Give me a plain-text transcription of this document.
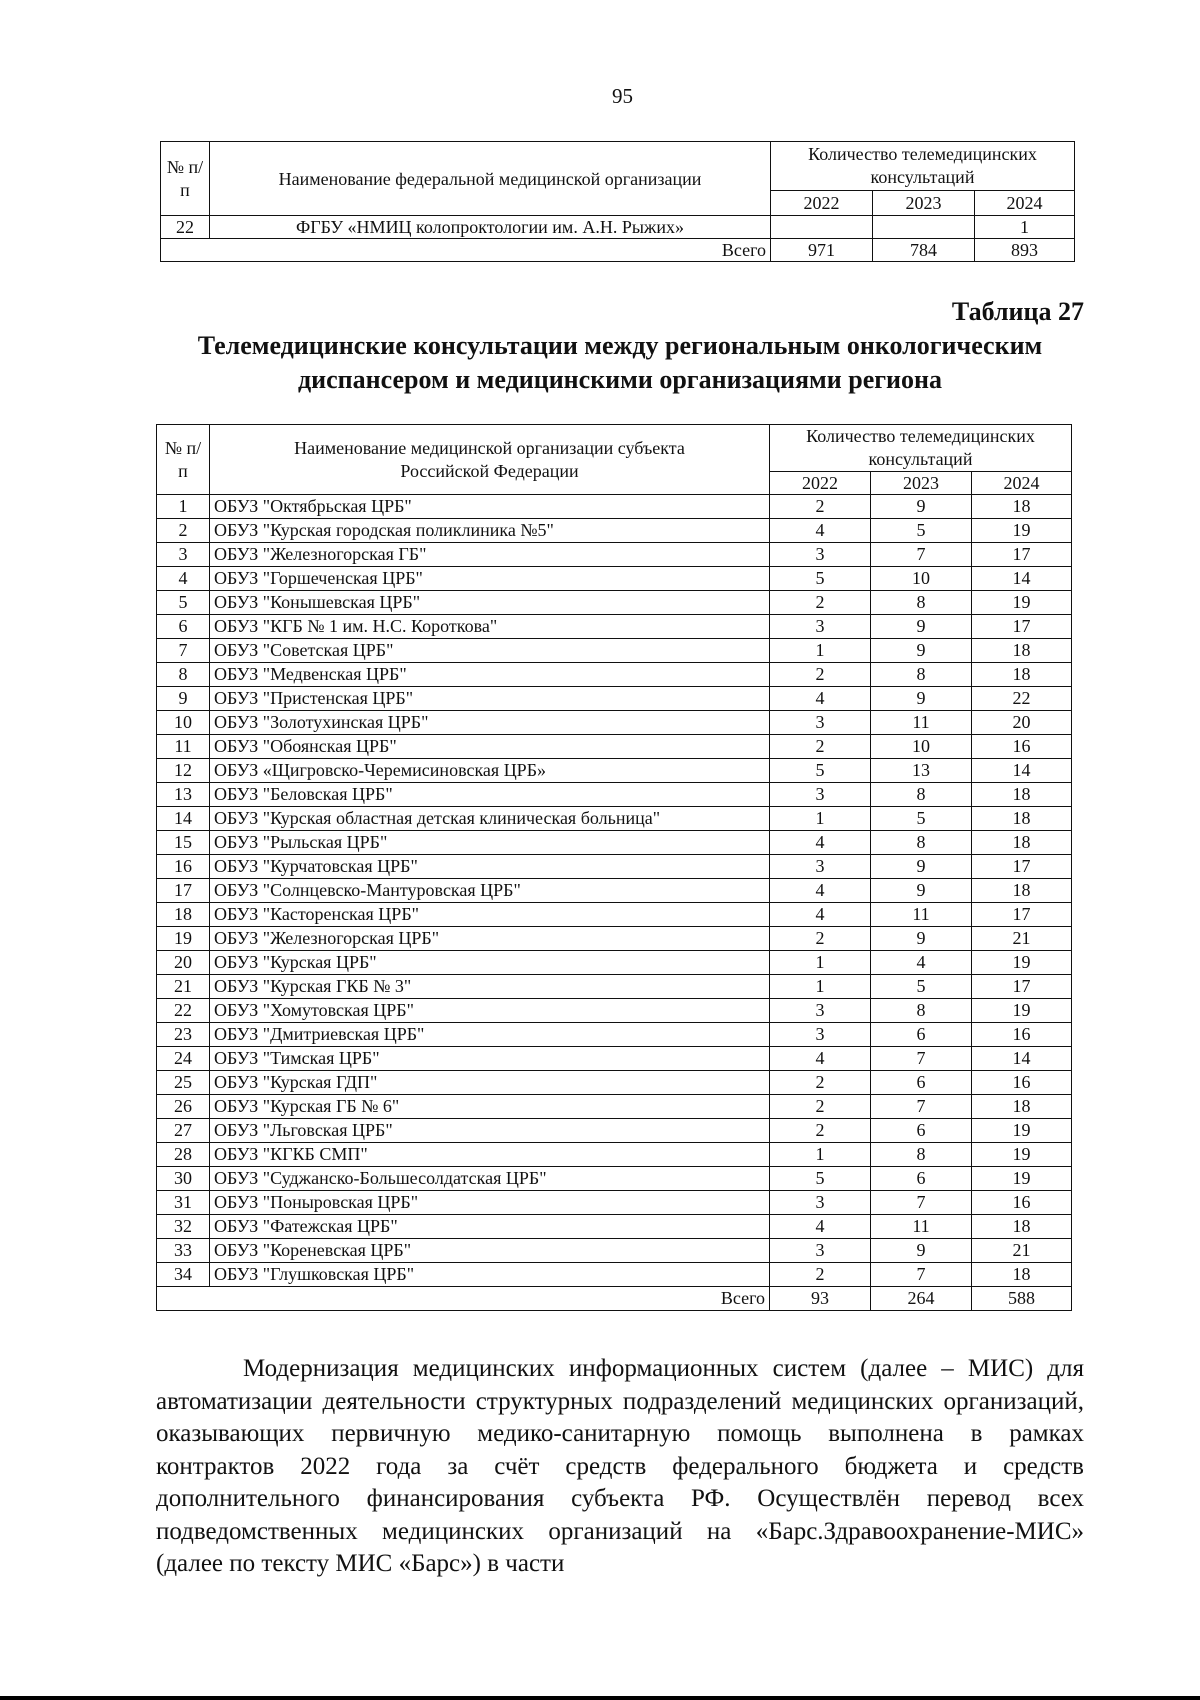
95
№ п/п	Наименование федеральной медицинской организации	Количество телемедицинских консультаций		
		2022	2023	2024
22	ФГБУ «НМИЦ колопроктологии им. А.Н. Рыжих»			1
Всего		971	784	893
Таблица 27
Телемедицинские консультации между региональным онкологическим диспансером и медицинскими организациями региона
№ п/п	Наименование медицинской организации субъекта Российской Федерации	Количество телемедицинских консультаций		
		2022	2023	2024
1	ОБУЗ "Октябрьская ЦРБ"	2	9	18
2	ОБУЗ "Курская городская поликлиника №5"	4	5	19
3	ОБУЗ "Железногорская ГБ"	3	7	17
4	ОБУЗ "Горшеченская ЦРБ"	5	10	14
5	ОБУЗ "Конышевская ЦРБ"	2	8	19
6	ОБУЗ "КГБ № 1 им. Н.С. Короткова"	3	9	17
7	ОБУЗ "Советская ЦРБ"	1	9	18
8	ОБУЗ "Медвенская ЦРБ"	2	8	18
9	ОБУЗ "Пристенская ЦРБ"	4	9	22
10	ОБУЗ "Золотухинская ЦРБ"	3	11	20
11	ОБУЗ "Обоянская ЦРБ"	2	10	16
12	ОБУЗ «Щигровско-Черемисиновская ЦРБ»	5	13	14
13	ОБУЗ "Беловская ЦРБ"	3	8	18
14	ОБУЗ "Курская областная детская клиническая больница"	1	5	18
15	ОБУЗ "Рыльская ЦРБ"	4	8	18
16	ОБУЗ "Курчатовская ЦРБ"	3	9	17
17	ОБУЗ "Солнцевско-Мантуровская ЦРБ"	4	9	18
18	ОБУЗ "Касторенская ЦРБ"	4	11	17
19	ОБУЗ "Железногорская ЦРБ"	2	9	21
20	ОБУЗ "Курская ЦРБ"	1	4	19
21	ОБУЗ "Курская ГКБ № 3"	1	5	17
22	ОБУЗ "Хомутовская ЦРБ"	3	8	19
23	ОБУЗ "Дмитриевская ЦРБ"	3	6	16
24	ОБУЗ "Тимская ЦРБ"	4	7	14
25	ОБУЗ "Курская ГДП"	2	6	16
26	ОБУЗ "Курская ГБ № 6"	2	7	18
27	ОБУЗ "Льговская ЦРБ"	2	6	19
28	ОБУЗ "КГКБ СМП"	1	8	19
30	ОБУЗ "Суджанско-Большесолдатская ЦРБ"	5	6	19
31	ОБУЗ "Поныровская ЦРБ"	3	7	16
32	ОБУЗ "Фатежская ЦРБ"	4	11	18
33	ОБУЗ "Кореневская ЦРБ"	3	9	21
34	ОБУЗ "Глушковская ЦРБ"	2	7	18
Всего		93	264	588

Модернизация медицинских информационных систем (далее – МИС) для автоматизации деятельности структурных подразделений медицинских организаций, оказывающих первичную медико-санитарную помощь выполнена в рамках контрактов 2022 года за счёт средств федерального бюджета и средств дополнительного финансирования субъекта РФ. Осуществлён перевод всех подведомственных медицинских организаций на «Барс.Здравоохранение-МИС» (далее по тексту МИС «Барс») в части
